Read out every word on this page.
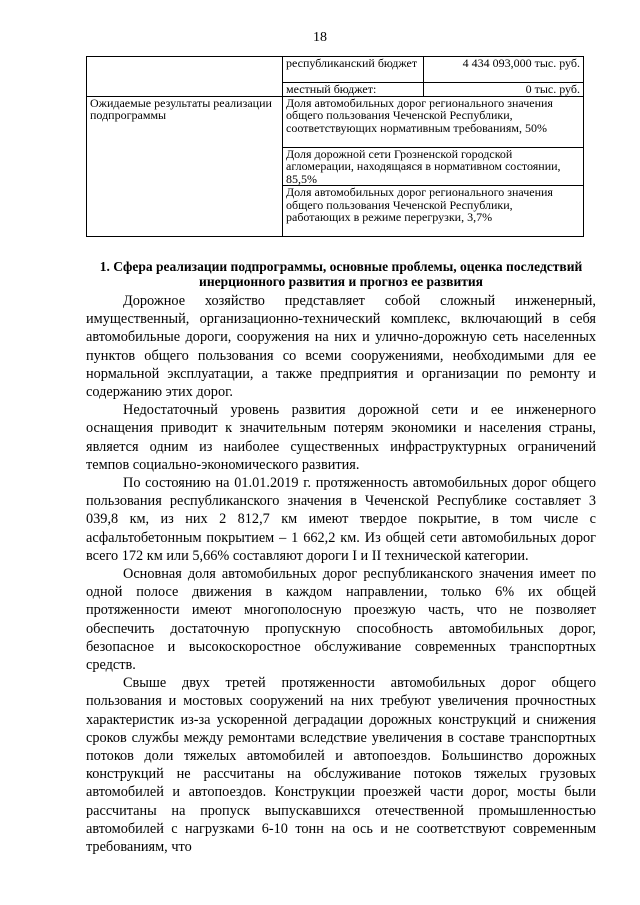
18
	республиканский бюджет	4 434 093,000 тыс. руб.
	местный бюджет:	0 тыс. руб.
Ожидаемые результаты реализации подпрограммы	Доля автомобильных дорог регионального значения общего пользования Чеченской Республики, соответствующих нормативным требованиям, 50%	
	Доля дорожной сети Грозненской городской агломерации, находящаяся в нормативном состоянии, 85,5%	
	Доля автомобильных дорог регионального значения общего пользования Чеченской Республики, работающих в режиме перегрузки, 3,7%	
1. Сфера реализации подпрограммы, основные проблемы, оценка последствий инерционного развития и прогноз ее развития

Дорожное хозяйство представляет собой сложный инженерный, имущественный, организационно-технический комплекс, включающий в себя автомобильные дороги, сооружения на них и улично-дорожную сеть населенных пунктов общего пользования со всеми сооружениями, необходимыми для ее нормальной эксплуатации, а также предприятия и организации по ремонту и содержанию этих дорог.

Недостаточный уровень развития дорожной сети и ее инженерного оснащения приводит к значительным потерям экономики и населения страны, является одним из наиболее существенных инфраструктурных ограничений темпов социально-экономического развития.

По состоянию на 01.01.2019 г. протяженность автомобильных дорог общего пользования республиканского значения в Чеченской Республике составляет 3 039,8 км, из них 2 812,7 км имеют твердое покрытие, в том числе с асфальтобетонным покрытием – 1 662,2 км. Из общей сети автомобильных дорог всего 172 км или 5,66% составляют дороги I и II технической категории.

Основная доля автомобильных дорог республиканского значения имеет по одной полосе движения в каждом направлении, только 6% их общей протяженности имеют многополосную проезжую часть, что не позволяет обеспечить достаточную пропускную способность автомобильных дорог, безопасное и высокоскоростное обслуживание современных транспортных средств.

Свыше двух третей протяженности автомобильных дорог общего пользования и мостовых сооружений на них требуют увеличения прочностных характеристик из-за ускоренной деградации дорожных конструкций и снижения сроков службы между ремонтами вследствие увеличения в составе транспортных потоков доли тяжелых автомобилей и автопоездов. Большинство дорожных конструкций не рассчитаны на обслуживание потоков тяжелых грузовых автомобилей и автопоездов. Конструкции проезжей части дорог, мосты были рассчитаны на пропуск выпускавшихся отечественной промышленностью автомобилей с нагрузками 6-10 тонн на ось и не соответствуют современным требованиям, что
